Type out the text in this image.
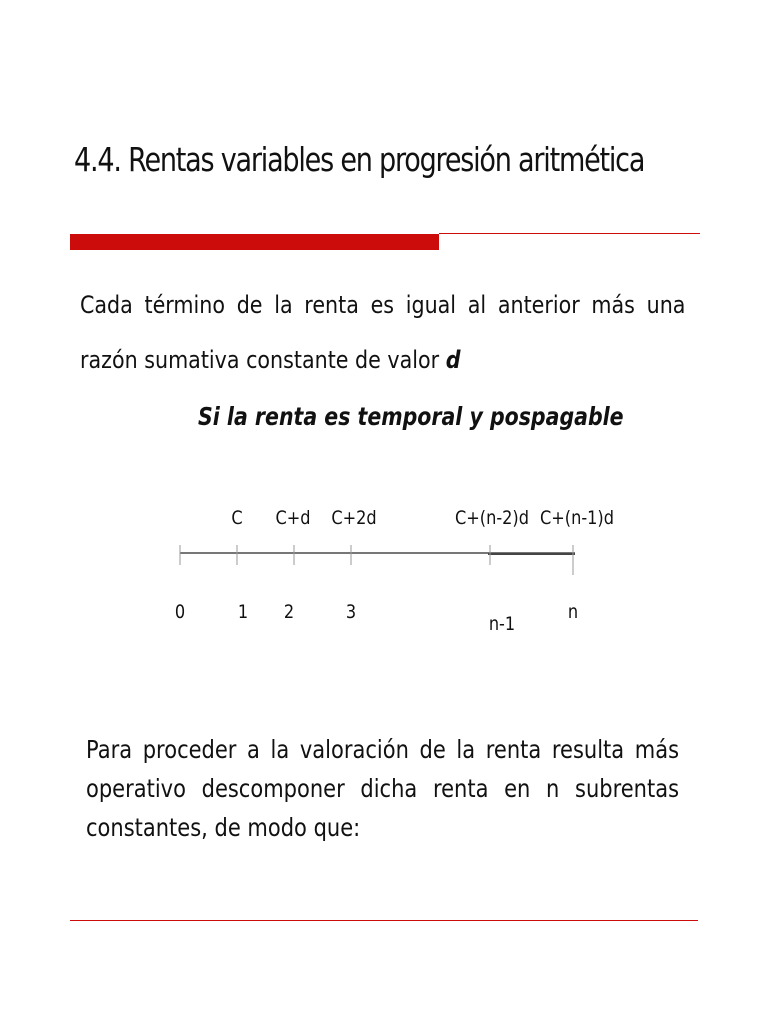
4.4. Rentas variables en progresión aritmética
Cada término de la renta es igual al anterior más una razón sumativa constante de valor d
Si la renta es temporal y pospagable
C C+d C+2d	C+(n-2)d C+(n-1)d
0	1 2	3
n-1
n
Para proceder a la valoración de la renta resulta más operativo descomponer dicha renta en n subrentas constantes, de modo que:
